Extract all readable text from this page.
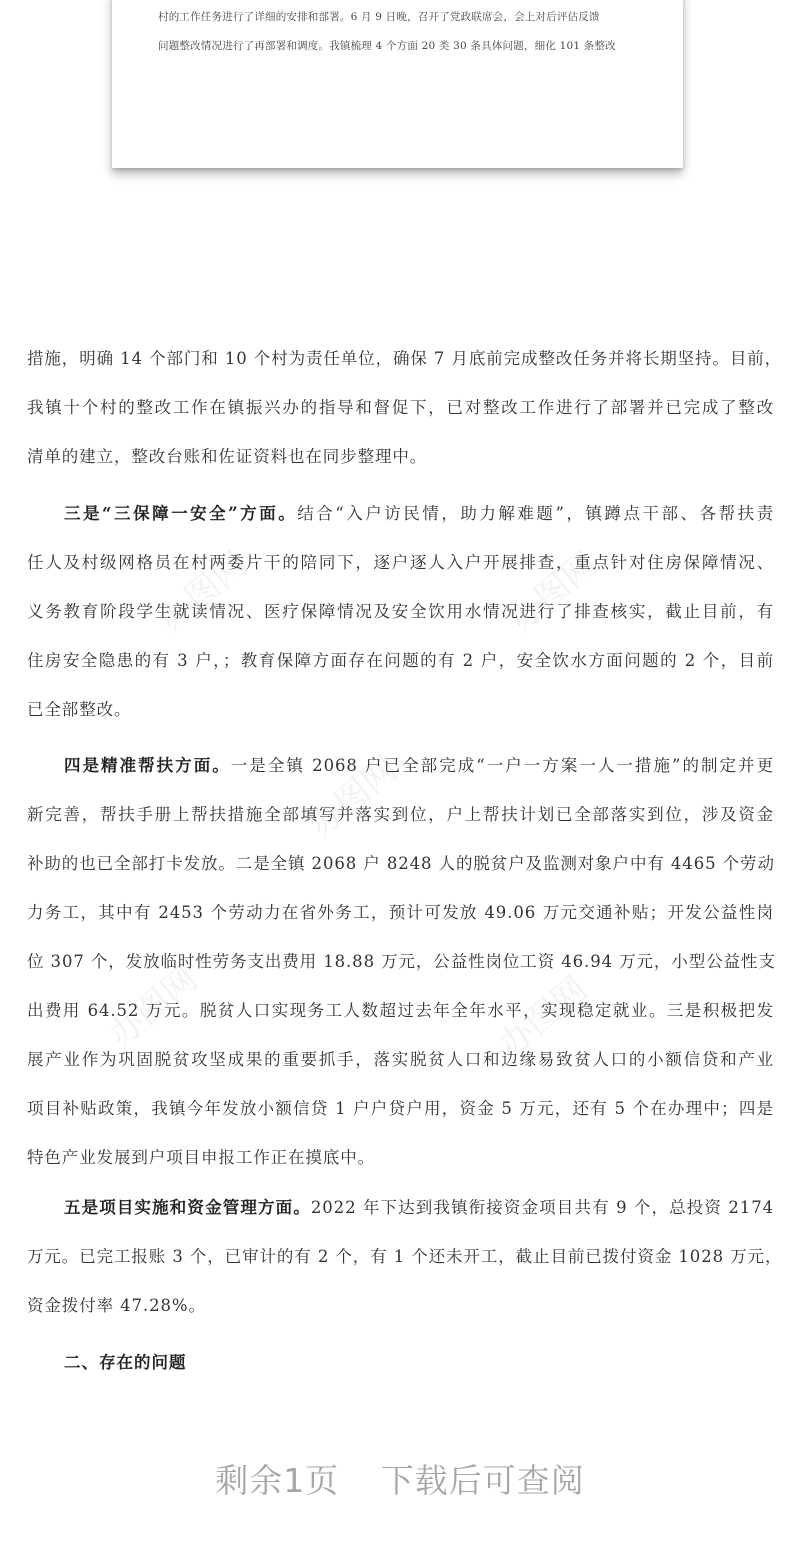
村的工作任务进行了详细的安排和部署。6 月 9 日晚，召开了党政联席会，会上对后评估反馈
问题整改情况进行了再部署和调度。我镇梳理 4 个方面 20 类 30 条具体问题，细化 101 条整改
办图网	办图网
办图网
办图网	办图网
措施，明确 14 个部门和 10 个村为责任单位，确保 7 月底前完成整改任务并将长期坚持。目前，
我镇十个村的整改工作在镇振兴办的指导和督促下，已对整改工作进行了部署并已完成了整改
清单的建立，整改台账和佐证资料也在同步整理中。
三是“三保障一安全”方面。结合“入户访民情，助力解难题”，镇蹲点干部、各帮扶责
任人及村级网格员在村两委片干的陪同下，逐户逐人入户开展排查，重点针对住房保障情况、
义务教育阶段学生就读情况、医疗保障情况及安全饮用水情况进行了排查核实，截止目前，有
住房安全隐患的有 3 户，；教育保障方面存在问题的有 2 户，安全饮水方面问题的 2 个，目前
已全部整改。
四是精准帮扶方面。一是全镇 2068 户已全部完成“一户一方案一人一措施”的制定并更
新完善，帮扶手册上帮扶措施全部填写并落实到位，户上帮扶计划已全部落实到位，涉及资金
补助的也已全部打卡发放。二是全镇 2068 户 8248 人的脱贫户及监测对象户中有 4465 个劳动
力务工，其中有 2453 个劳动力在省外务工，预计可发放 49.06 万元交通补贴；开发公益性岗
位 307 个，发放临时性劳务支出费用 18.88 万元，公益性岗位工资 46.94 万元，小型公益性支
出费用 64.52 万元。脱贫人口实现务工人数超过去年全年水平，实现稳定就业。三是积极把发
展产业作为巩固脱贫攻坚成果的重要抓手，落实脱贫人口和边缘易致贫人口的小额信贷和产业
项目补贴政策，我镇今年发放小额信贷 1 户户贷户用，资金 5 万元，还有 5 个在办理中；四是
特色产业发展到户项目申报工作正在摸底中。
五是项目实施和资金管理方面。2022 年下达到我镇衔接资金项目共有 9 个，总投资 2174
万元。已完工报账 3 个，已审计的有 2 个，有 1 个还未开工，截止目前已拨付资金 1028 万元，
资金拨付率 47.28%。
二、存在的问题
剩余1页 下载后可查阅
